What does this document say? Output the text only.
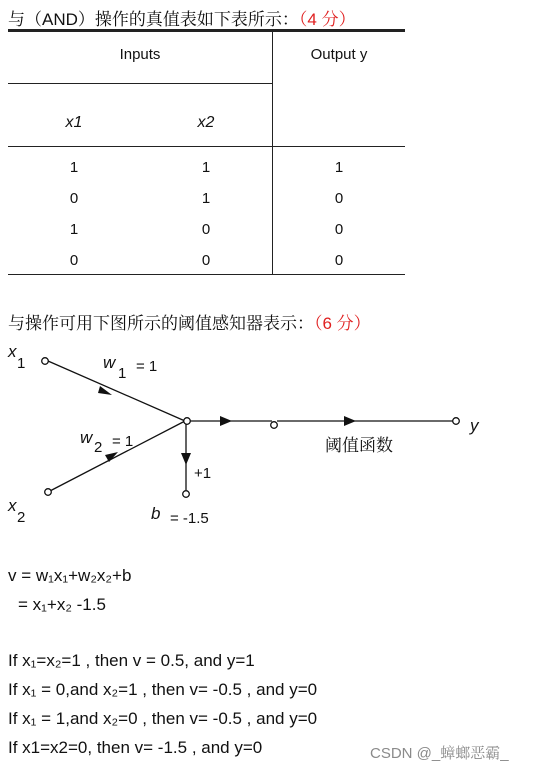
与（AND）操作的真值表如下表所示：（4 分）
Inputs	Output y
x1	x2
1	1	1
0	1	0
1	0	0
0	0	0
与操作可用下图所示的阈值感知器表示：（6 分）
x
1
x
2
w
1 = 1
w
2 = 1
+1
b = -1.5
阈值函数
y
v = w₁x₁+w₂x₂+b
= x₁+x₂ -1.5
If x₁=x₂=1 , then v = 0.5, and y=1
If x₁ = 0,and x₂=1 , then v= -0.5 , and y=0
If x₁ = 1,and x₂=0 , then v= -0.5 , and y=0
If x1=x2=0, then v= -1.5 , and y=0	CSDN @_蟑螂恶霸_
